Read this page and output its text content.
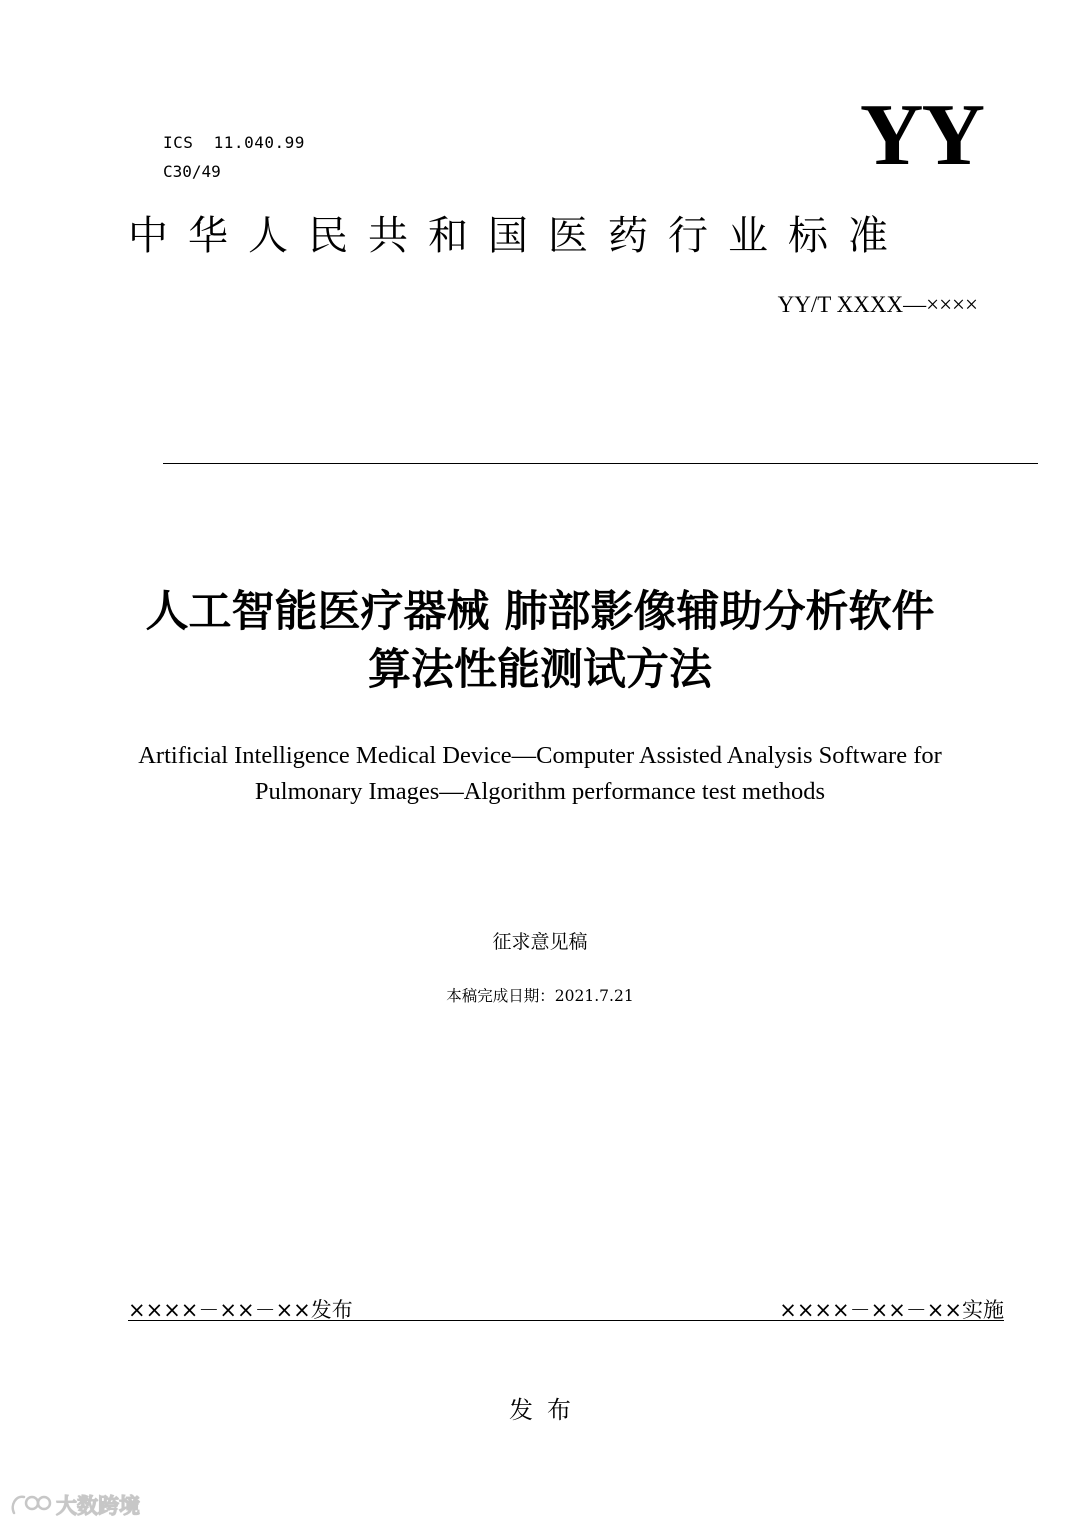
ICS  11.040.99
C30/49	YY
中华人民共和国医药行业标准
YY/T XXXX—××××
人工智能医疗器械 肺部影像辅助分析软件
算法性能测试方法
Artificial Intelligence Medical Device—Computer Assisted Analysis Software for
Pulmonary Images—Algorithm performance test methods
征求意见稿
本稿完成日期：2021.7.21
××××－××－××发布	××××－××－××实施
发布
大数跨境
